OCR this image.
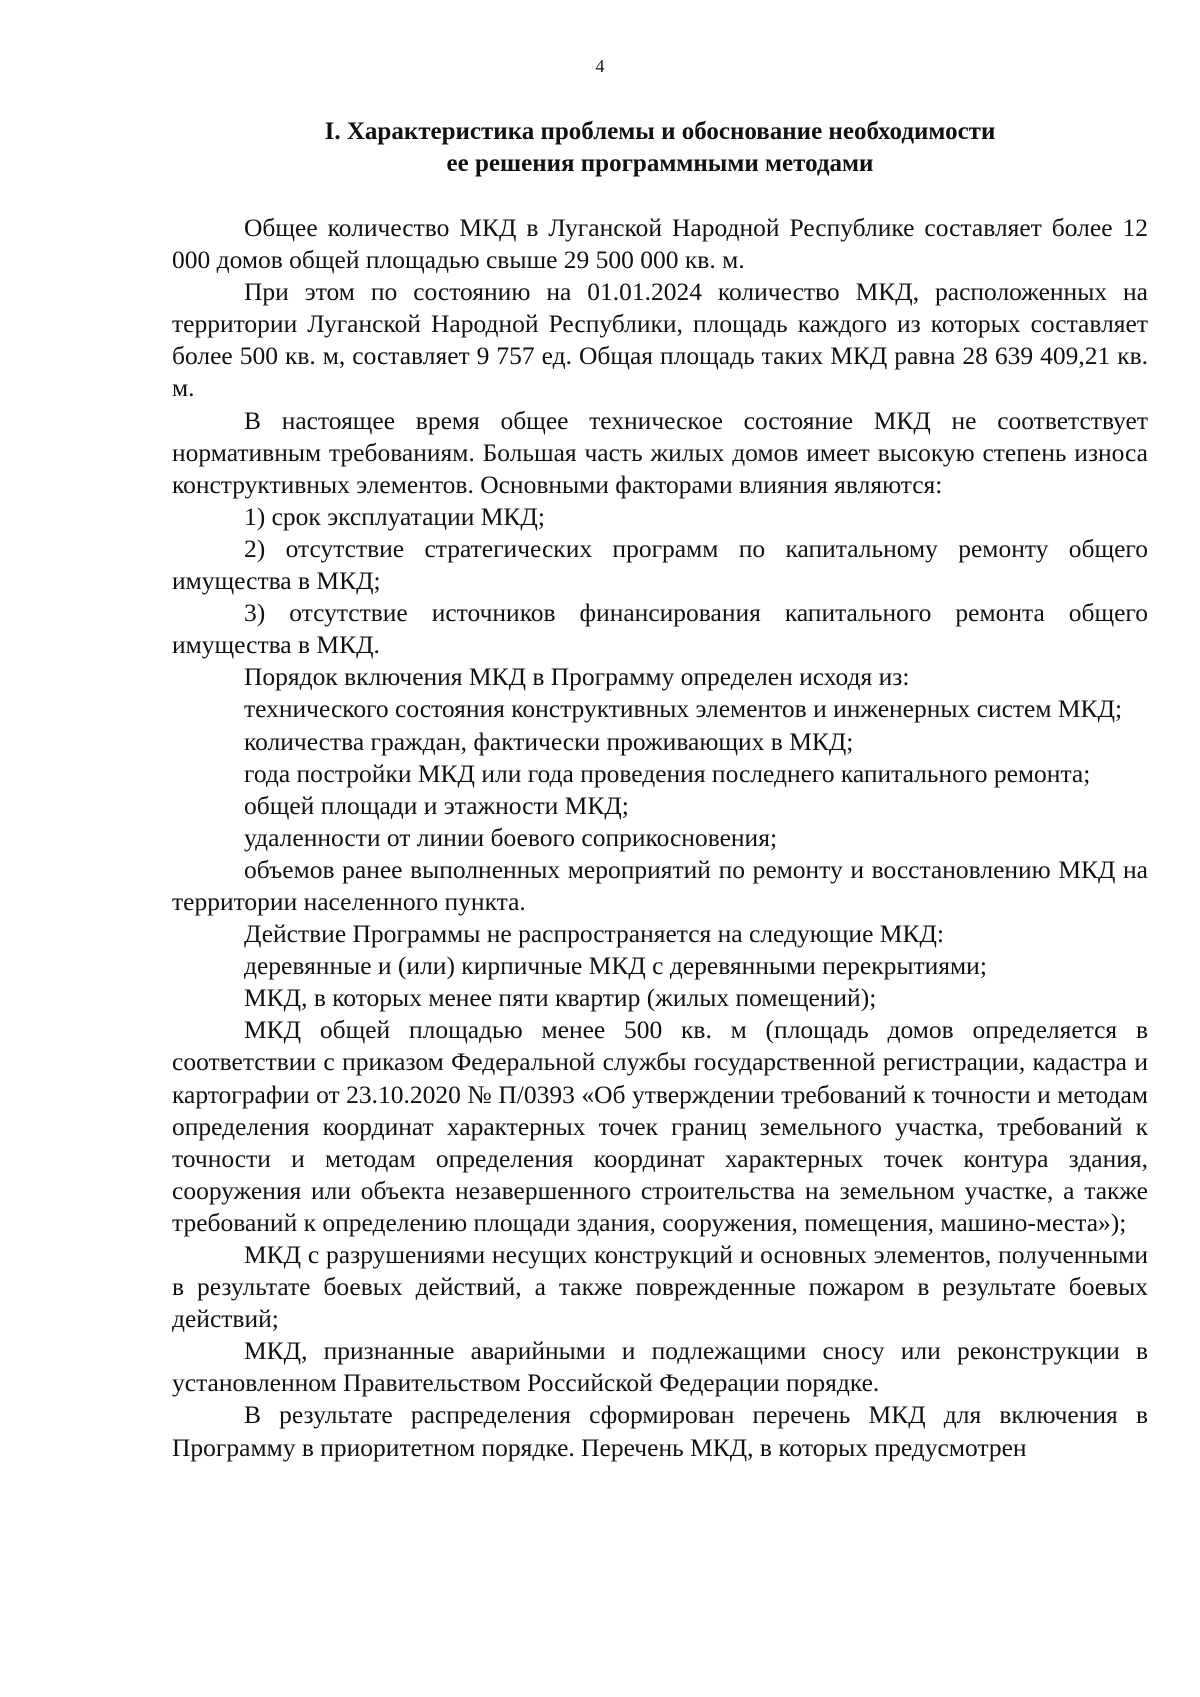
4
I. Характеристика проблемы и обоснование необходимости
ее решения программными методами

Общее количество МКД в Луганской Народной Республике составляет более 12 000 домов общей площадью свыше 29 500 000 кв. м.

При этом по состоянию на 01.01.2024 количество МКД, расположенных на территории Луганской Народной Республики, площадь каждого из которых составляет более 500 кв. м, составляет 9 757 ед. Общая площадь таких МКД равна 28 639 409,21 кв. м.

В настоящее время общее техническое состояние МКД не соответствует нормативным требованиям. Большая часть жилых домов имеет высокую степень износа конструктивных элементов. Основными факторами влияния являются:

1) срок эксплуатации МКД;

2) отсутствие стратегических программ по капитальному ремонту общего имущества в МКД;

3) отсутствие источников финансирования капитального ремонта общего имущества в МКД.

Порядок включения МКД в Программу определен исходя из:

технического состояния конструктивных элементов и инженерных систем МКД;

количества граждан, фактически проживающих в МКД;

года постройки МКД или года проведения последнего капитального ремонта;

общей площади и этажности МКД;

удаленности от линии боевого соприкосновения;

объемов ранее выполненных мероприятий по ремонту и восстановлению МКД на территории населенного пункта.

Действие Программы не распространяется на следующие МКД:

деревянные и (или) кирпичные МКД с деревянными перекрытиями;

МКД, в которых менее пяти квартир (жилых помещений);

МКД общей площадью менее 500 кв. м (площадь домов определяется в соответствии с приказом Федеральной службы государственной регистрации, кадастра и картографии от 23.10.2020 № П/0393 «Об утверждении требований к точности и методам определения координат характерных точек границ земельного участка, требований к точности и методам определения координат характерных точек контура здания, сооружения или объекта незавершенного строительства на земельном участке, а также требований к определению площади здания, сооружения, помещения, машино-места»);

МКД с разрушениями несущих конструкций и основных элементов, полученными в результате боевых действий, а также поврежденные пожаром в результате боевых действий;

МКД, признанные аварийными и подлежащими сносу или реконструкции в установленном Правительством Российской Федерации порядке.

В результате распределения сформирован перечень МКД для включения в Программу в приоритетном порядке. Перечень МКД, в которых предусмотрен
